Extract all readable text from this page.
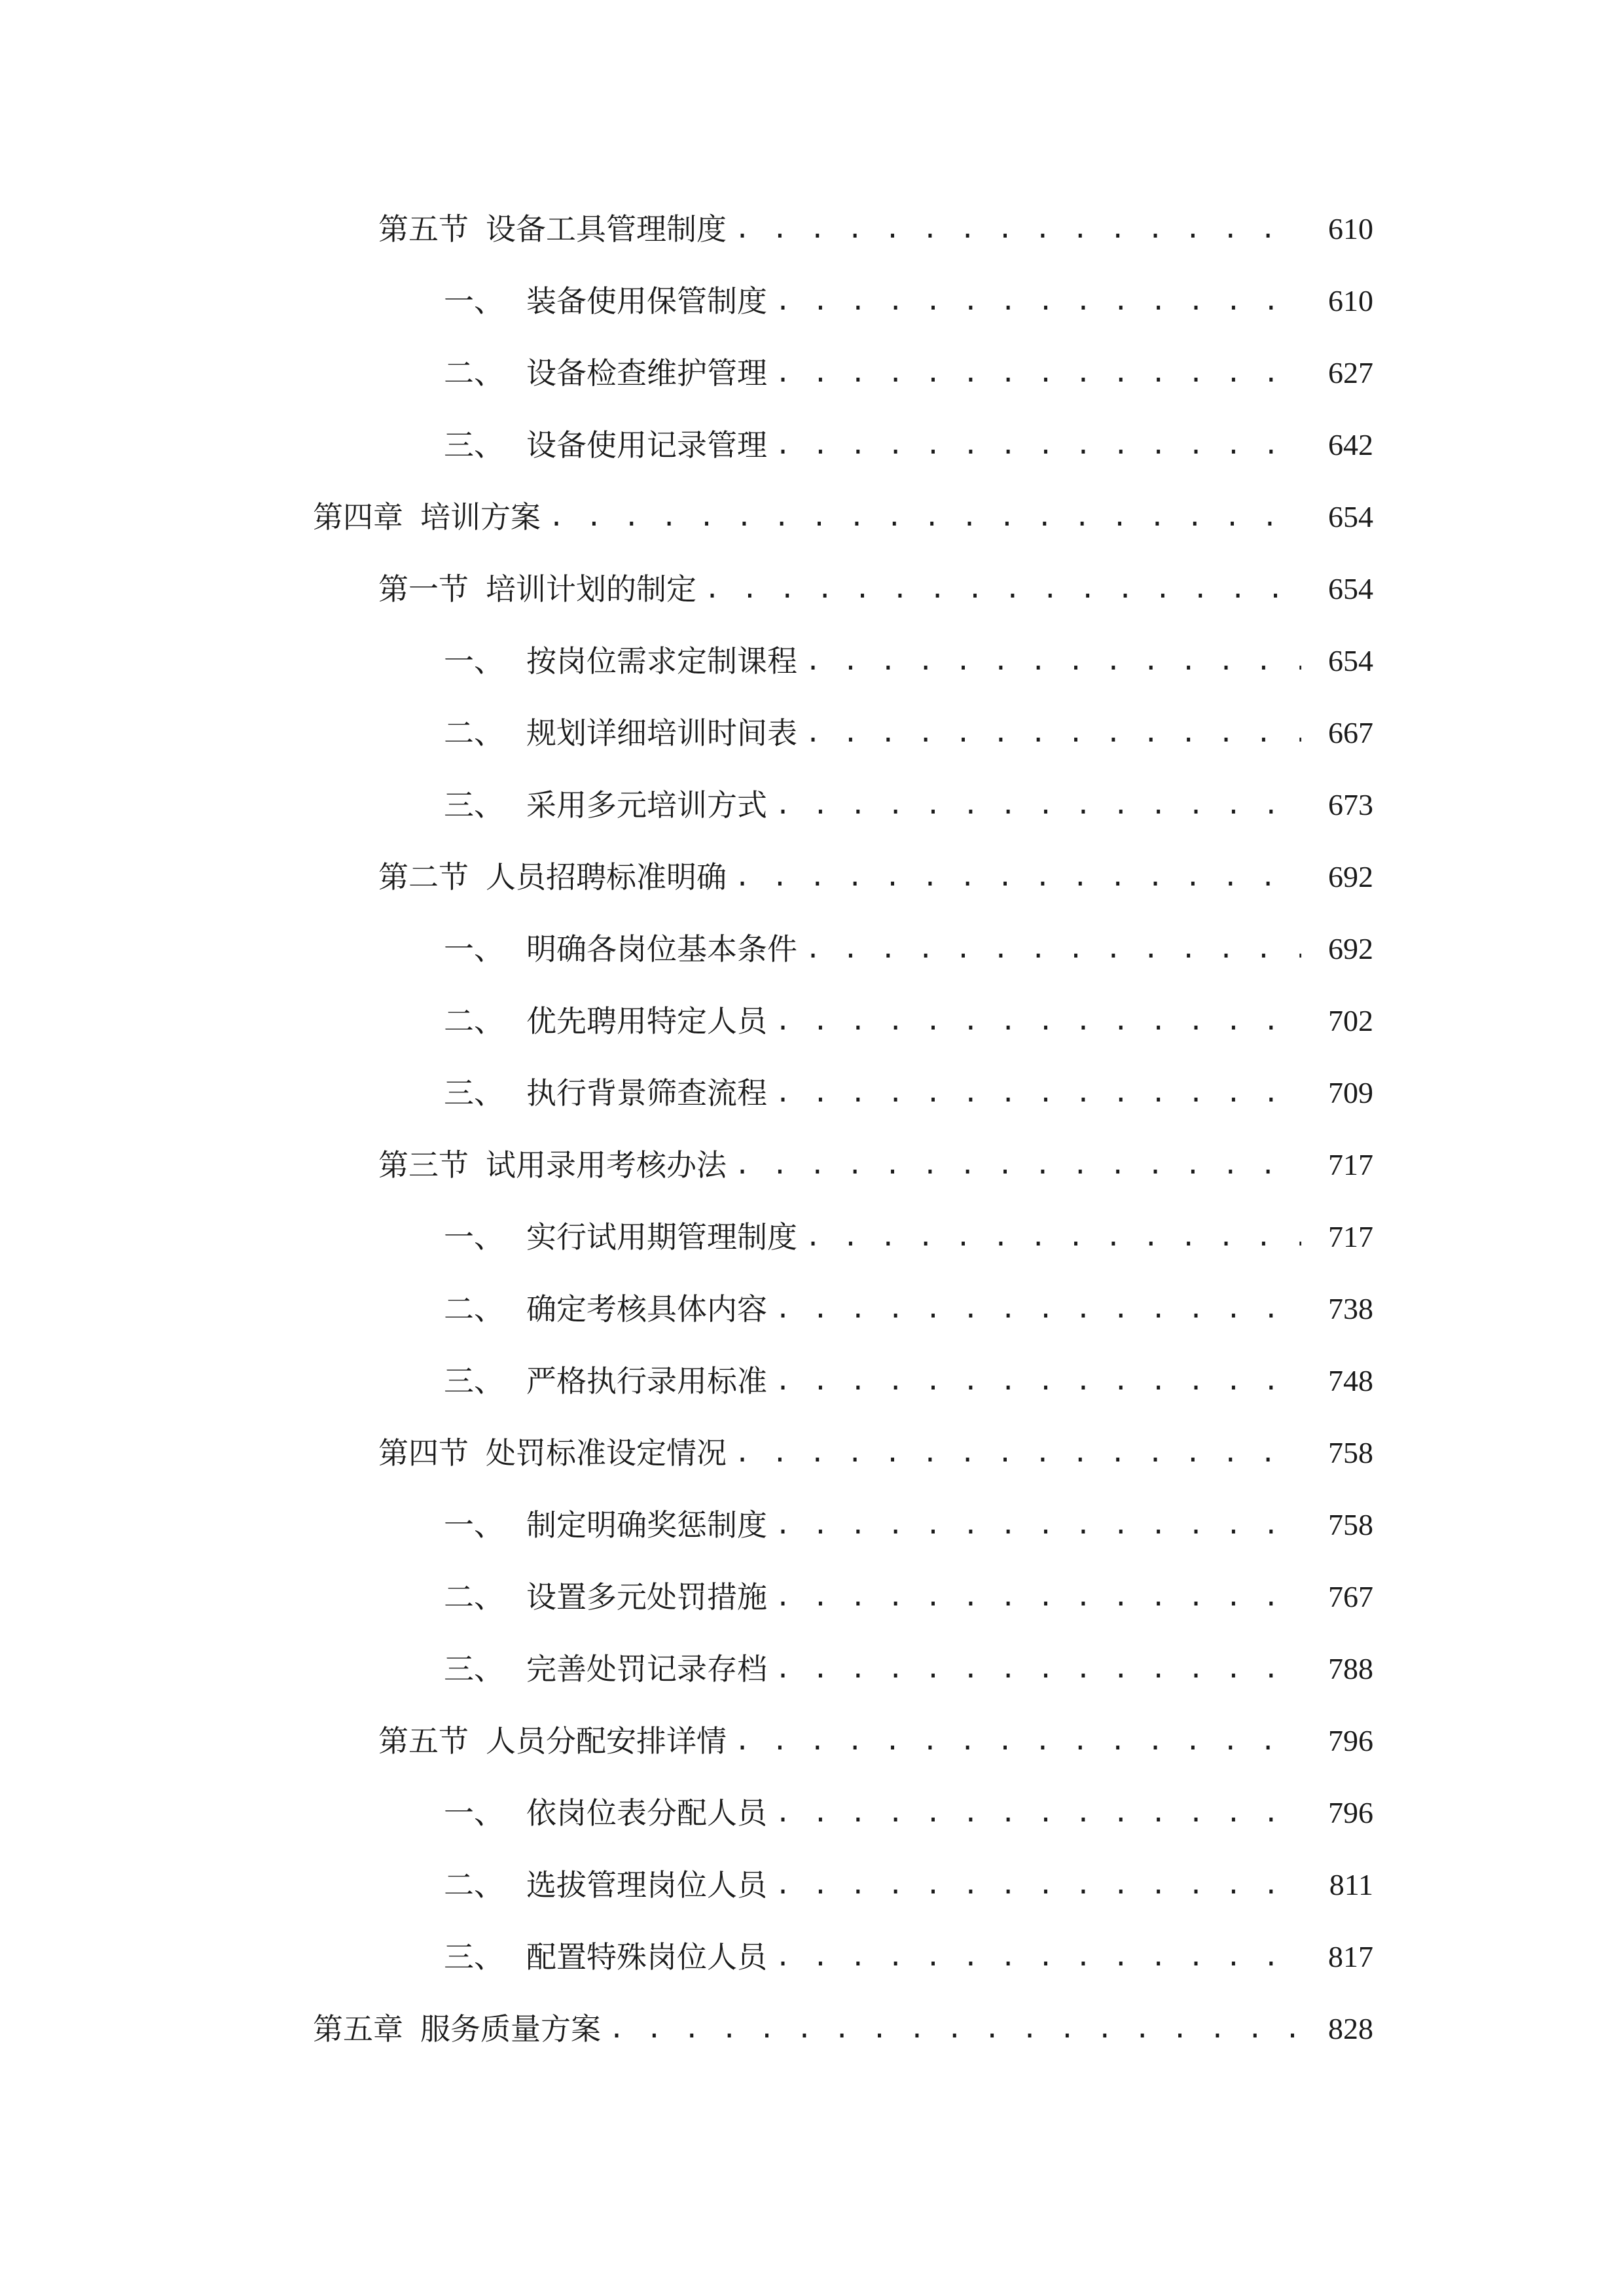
第五节 设备工具管理制度 . . .	610
一、 装备使用保管制度 . . .	610
二、 设备检查维护管理 . . .	627
三、 设备使用记录管理 . . .	642
第四章 培训方案 . . .	654
第一节 培训计划的制定 . . .	654
一、 按岗位需求定制课程 . . .	654
二、 规划详细培训时间表 . . .	667
三、 采用多元培训方式 . . .	673
第二节 人员招聘标准明确 . . .	692
一、 明确各岗位基本条件 . . .	692
二、 优先聘用特定人员 . . .	702
三、 执行背景筛查流程 . . .	709
第三节 试用录用考核办法 . . .	717
一、 实行试用期管理制度 . . .	717
二、 确定考核具体内容 . . .	738
三、 严格执行录用标准 . . .	748
第四节 处罚标准设定情况 . . .	758
一、 制定明确奖惩制度 . . .	758
二、 设置多元处罚措施 . . .	767
三、 完善处罚记录存档 . . .	788
第五节 人员分配安排详情 . . .	796
一、 依岗位表分配人员 . . .	796
二、 选拔管理岗位人员 . . .	811
三、 配置特殊岗位人员 . . .	817
第五章 服务质量方案 . . .	828
